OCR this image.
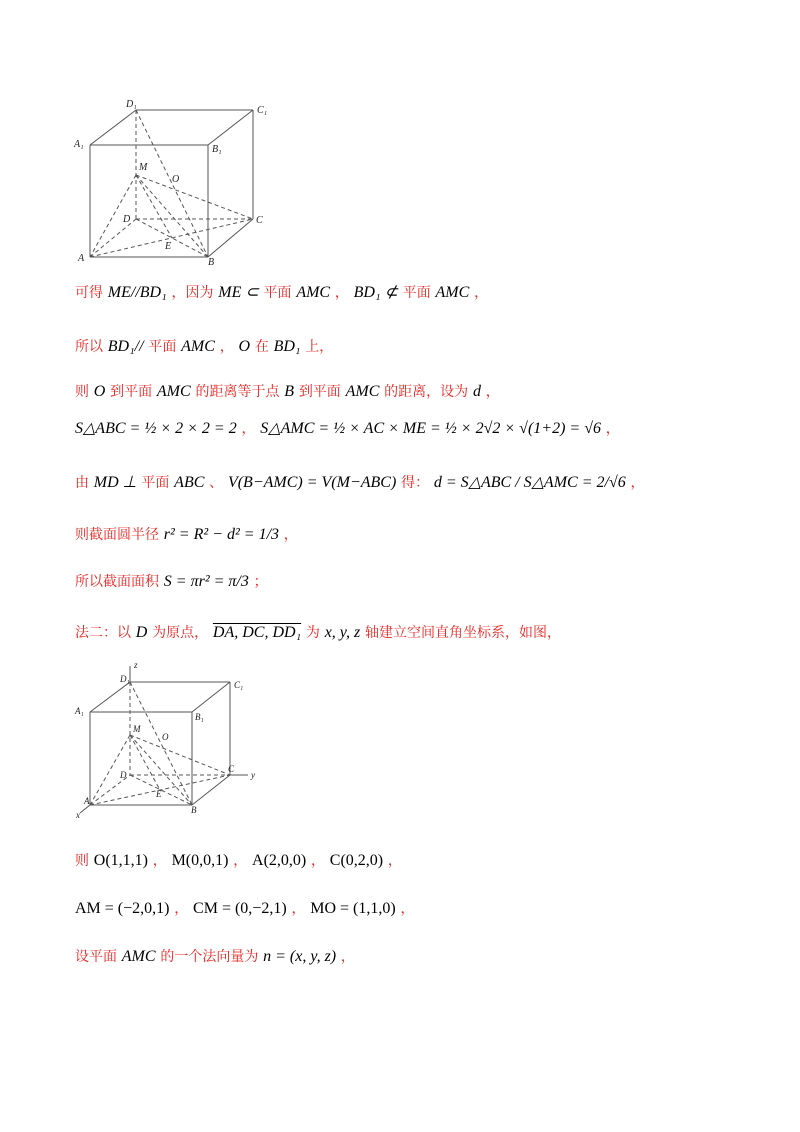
D₁
C₁
A₁	B₁
M
O
D	C
E
A	B
可得 ME//BD₁ ，因为 ME ⊂ 平面 AMC ， BD₁ ⊄ 平面 AMC ，
所以 BD₁// 平面 AMC ， O 在 BD₁ 上，
则 O 到平面 AMC 的距离等于点 B 到平面 AMC 的距离，设为 d ，
S△ABC = ½ × 2 × 2 = 2 ， S△AMC = ½ × AC × ME = ½ × 2√2 × √(1+2) = √6 ，
由 MD ⊥ 平面 ABC 、 V(B−AMC) = V(M−ABC) 得： d = S△ABC / S△AMC = 2/√6 ，
则截面圆半径 r² = R² − d² = 1/3 ，
所以截面面积 S = πr² = π/3 ；
法二：以 D 为原点， DA, DC, DD₁ 为 x, y, z 轴建立空间直角坐标系，如图，
z
D₁
C₁
A₁
B₁
M
O
D
C
y
E
A
B
x
则 O(1,1,1) ， M(0,0,1) ， A(2,0,0) ， C(0,2,0) ，
AM = (−2,0,1) ， CM = (0,−2,1) ， MO = (1,1,0) ，
设平面 AMC 的一个法向量为 n = (x, y, z) ，
